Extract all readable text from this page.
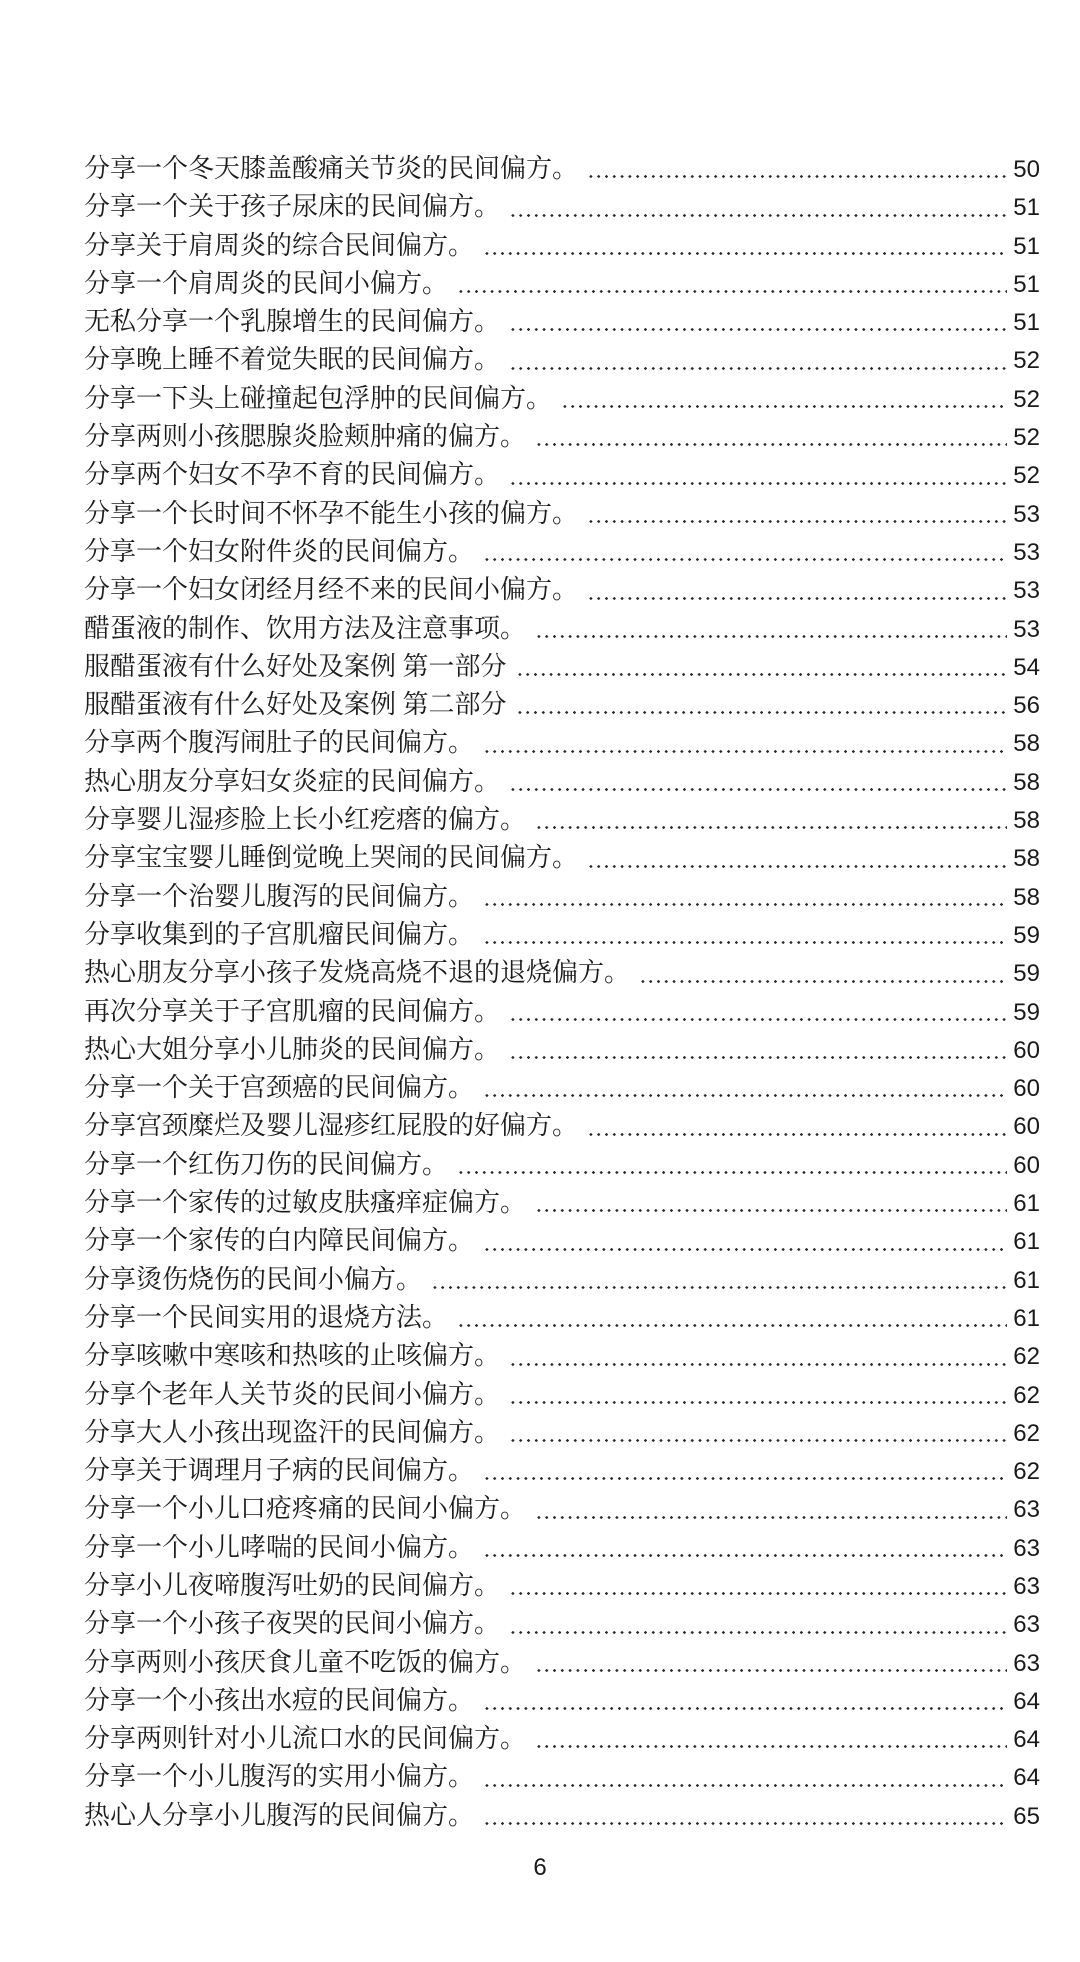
分享一个冬天膝盖酸痛关节炎的民间偏方。	50
分享一个关于孩子尿床的民间偏方。	51
分享关于肩周炎的综合民间偏方。	51
分享一个肩周炎的民间小偏方。	51
无私分享一个乳腺增生的民间偏方。	51
分享晚上睡不着觉失眠的民间偏方。	52
分享一下头上碰撞起包浮肿的民间偏方。	52
分享两则小孩腮腺炎脸颊肿痛的偏方。	52
分享两个妇女不孕不育的民间偏方。	52
分享一个长时间不怀孕不能生小孩的偏方。	53
分享一个妇女附件炎的民间偏方。	53
分享一个妇女闭经月经不来的民间小偏方。	53
醋蛋液的制作、饮用方法及注意事项。	53
服醋蛋液有什么好处及案例 第一部分	54
服醋蛋液有什么好处及案例 第二部分	56
分享两个腹泻闹肚子的民间偏方。	58
热心朋友分享妇女炎症的民间偏方。	58
分享婴儿湿疹脸上长小红疙瘩的偏方。	58
分享宝宝婴儿睡倒觉晚上哭闹的民间偏方。	58
分享一个治婴儿腹泻的民间偏方。	58
分享收集到的子宫肌瘤民间偏方。	59
热心朋友分享小孩子发烧高烧不退的退烧偏方。	59
再次分享关于子宫肌瘤的民间偏方。	59
热心大姐分享小儿肺炎的民间偏方。	60
分享一个关于宫颈癌的民间偏方。	60
分享宫颈糜烂及婴儿湿疹红屁股的好偏方。	60
分享一个红伤刀伤的民间偏方。	60
分享一个家传的过敏皮肤瘙痒症偏方。	61
分享一个家传的白内障民间偏方。	61
分享烫伤烧伤的民间小偏方。	61
分享一个民间实用的退烧方法。	61
分享咳嗽中寒咳和热咳的止咳偏方。	62
分享个老年人关节炎的民间小偏方。	62
分享大人小孩出现盗汗的民间偏方。	62
分享关于调理月子病的民间偏方。	62
分享一个小儿口疮疼痛的民间小偏方。	63
分享一个小儿哮喘的民间小偏方。	63
分享小儿夜啼腹泻吐奶的民间偏方。	63
分享一个小孩子夜哭的民间小偏方。	63
分享两则小孩厌食儿童不吃饭的偏方。	63
分享一个小孩出水痘的民间偏方。	64
分享两则针对小儿流口水的民间偏方。	64
分享一个小儿腹泻的实用小偏方。	64
热心人分享小儿腹泻的民间偏方。	65
6
